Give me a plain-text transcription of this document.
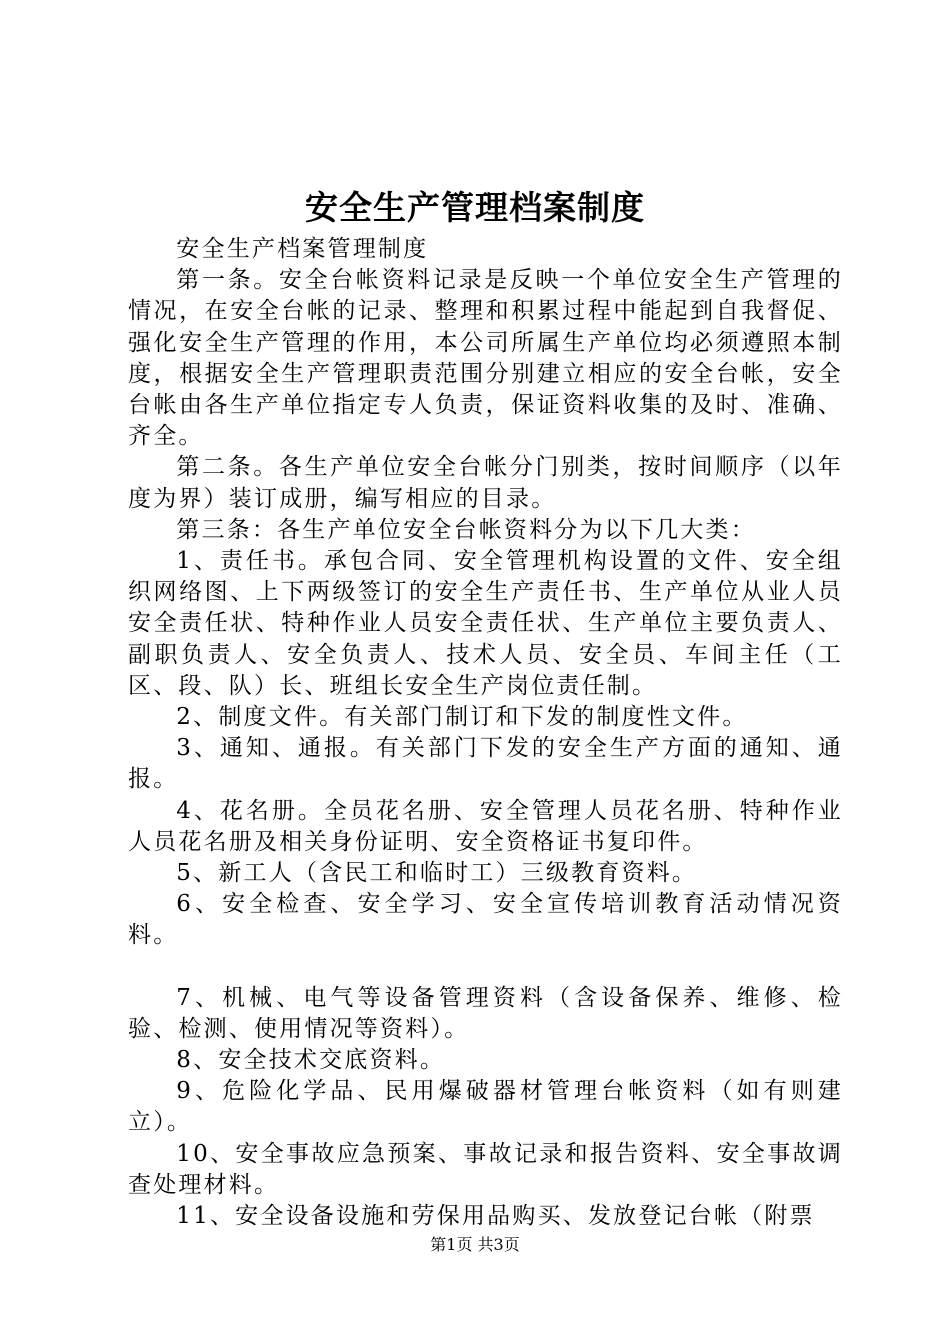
安全生产管理档案制度

安全生产档案管理制度

第一条。安全台帐资料记录是反映一个单位安全生产管理的情况，在安全台帐的记录、整理和积累过程中能起到自我督促、强化安全生产管理的作用，本公司所属生产单位均必须遵照本制度，根据安全生产管理职责范围分别建立相应的安全台帐，安全台帐由各生产单位指定专人负责，保证资料收集的及时、准确、齐全。

第二条。各生产单位安全台帐分门别类，按时间顺序（以年度为界）装订成册，编写相应的目录。

第三条：各生产单位安全台帐资料分为以下几大类：

1、责任书。承包合同、安全管理机构设置的文件、安全组织网络图、上下两级签订的安全生产责任书、生产单位从业人员安全责任状、特种作业人员安全责任状、生产单位主要负责人、副职负责人、安全负责人、技术人员、安全员、车间主任（工区、段、队）长、班组长安全生产岗位责任制。

2、制度文件。有关部门制订和下发的制度性文件。

3、通知、通报。有关部门下发的安全生产方面的通知、通报。

4、花名册。全员花名册、安全管理人员花名册、特种作业人员花名册及相关身份证明、安全资格证书复印件。

5、新工人（含民工和临时工）三级教育资料。

6、安全检查、安全学习、安全宣传培训教育活动情况资料。

7、机械、电气等设备管理资料（含设备保养、维修、检验、检测、使用情况等资料）。

8、安全技术交底资料。

9、危险化学品、民用爆破器材管理台帐资料（如有则建立）。

10、安全事故应急预案、事故记录和报告资料、安全事故调查处理材料。

11、安全设备设施和劳保用品购买、发放登记台帐（附票

第1页 共3页
